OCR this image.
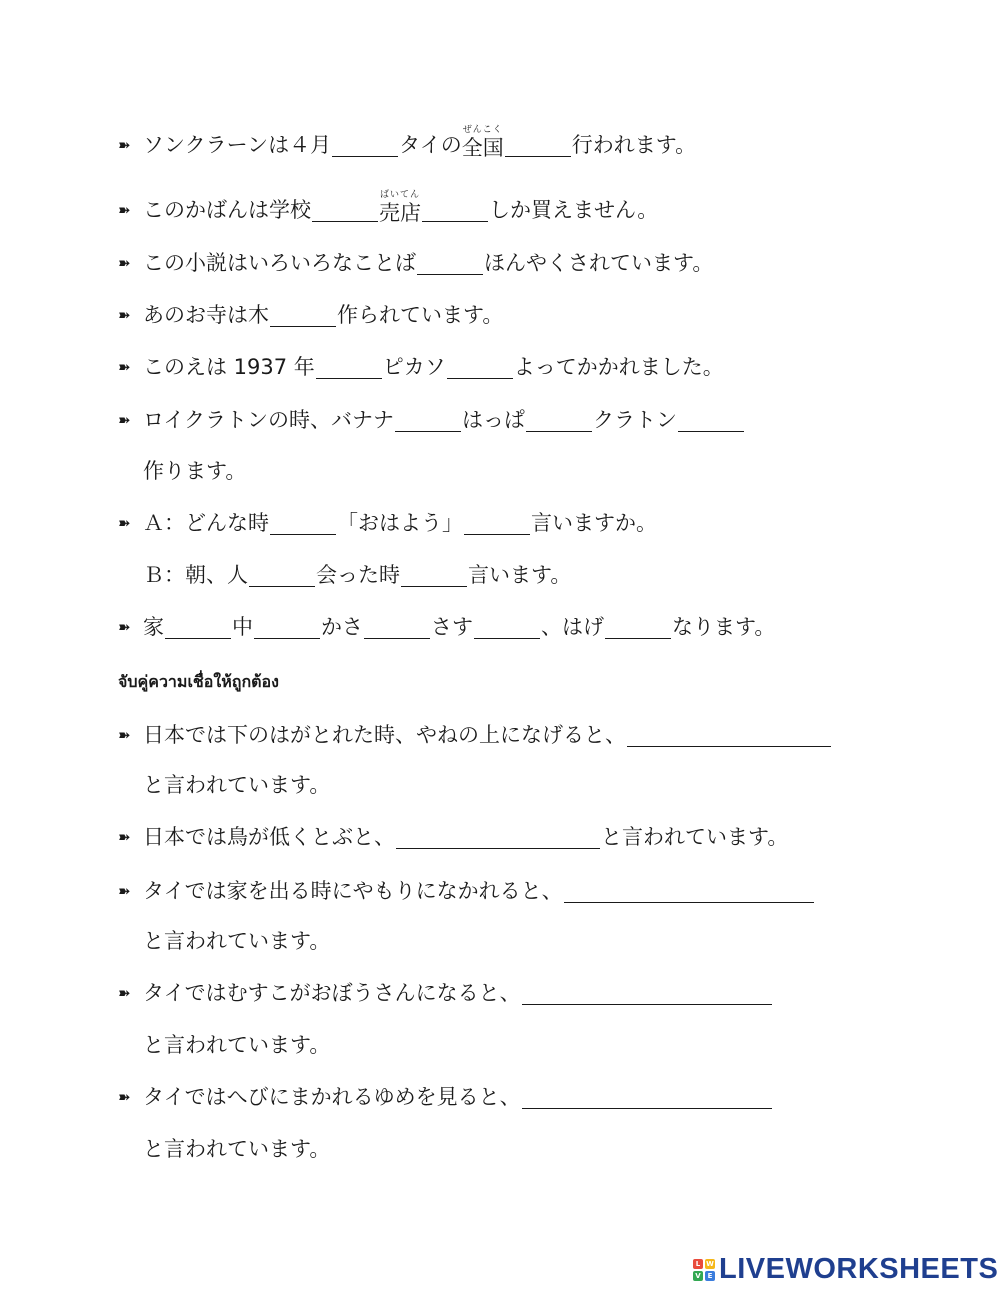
➽ ソンクラーンは４月	タイの
ぜんこく
全国	行われます。
➽ このかばんは学校
ばいてん
売店	しか買えません。
➽ この小説はいろいろなことば	ほんやくされています。
➽ あのお寺は木	作られています。
➽ このえは 1937 年	ピカソ	よってかかれました。
➽ ロイクラトンの時、バナナ	はっぱ	クラトン
作ります。
➽ Ａ：どんな時	「おはよう」	言いますか。
Ｂ：朝、人	会った時	言います。
➽ 家	中	かさ	さす	、はげ	なります。
จับคู่ความเชื่อให้ถูกต้อง
➽ 日本では下のはがとれた時、やねの上になげると、
と言われています。
➽ 日本では鳥が低くとぶと、	と言われています。
➽ タイでは家を出る時にやもりになかれると、
と言われています。
➽ タイではむすこがおぼうさんになると、
と言われています。
➽ タイではへびにまかれるゆめを見ると、
と言われています。
L W
V E LIVEWORKSHEETS
